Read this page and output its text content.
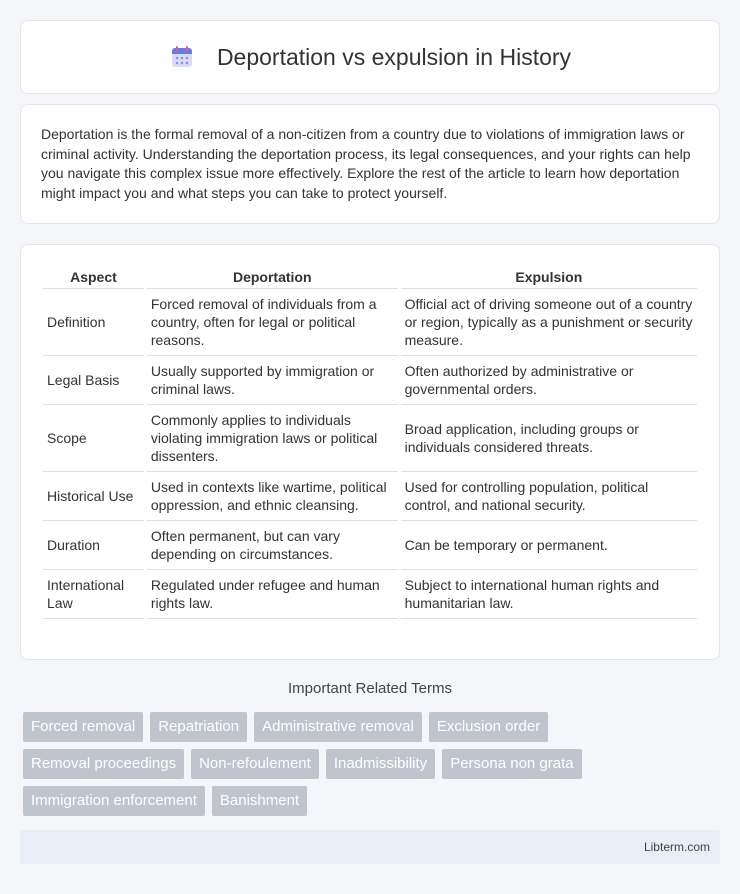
Deportation vs expulsion in History

Deportation is the formal removal of a non-citizen from a country due to violations of immigration laws or criminal activity. Understanding the deportation process, its legal consequences, and your rights can help you navigate this complex issue more effectively. Explore the rest of the article to learn how deportation might impact you and what steps you can take to protect yourself.

Aspect	Deportation	Expulsion
Definition	Forced removal of individuals from a country, often for legal or political reasons.	Official act of driving someone out of a country or region, typically as a punishment or security measure.
Legal Basis	Usually supported by immigration or criminal laws.	Often authorized by administrative or governmental orders.
Scope	Commonly applies to individuals violating immigration laws or political dissenters.	Broad application, including groups or individuals considered threats.
Historical Use	Used in contexts like wartime, political oppression, and ethnic cleansing.	Used for controlling population, political control, and national security.
Duration	Often permanent, but can vary depending on circumstances.	Can be temporary or permanent.
International Law	Regulated under refugee and human rights law.	Subject to international human rights and humanitarian law.
Important Related Terms
Forced removal	Repatriation	Administrative removal	Exclusion order
Removal proceedings	Non-refoulement	Inadmissibility	Persona non grata
Immigration enforcement	Banishment
Libterm.com
